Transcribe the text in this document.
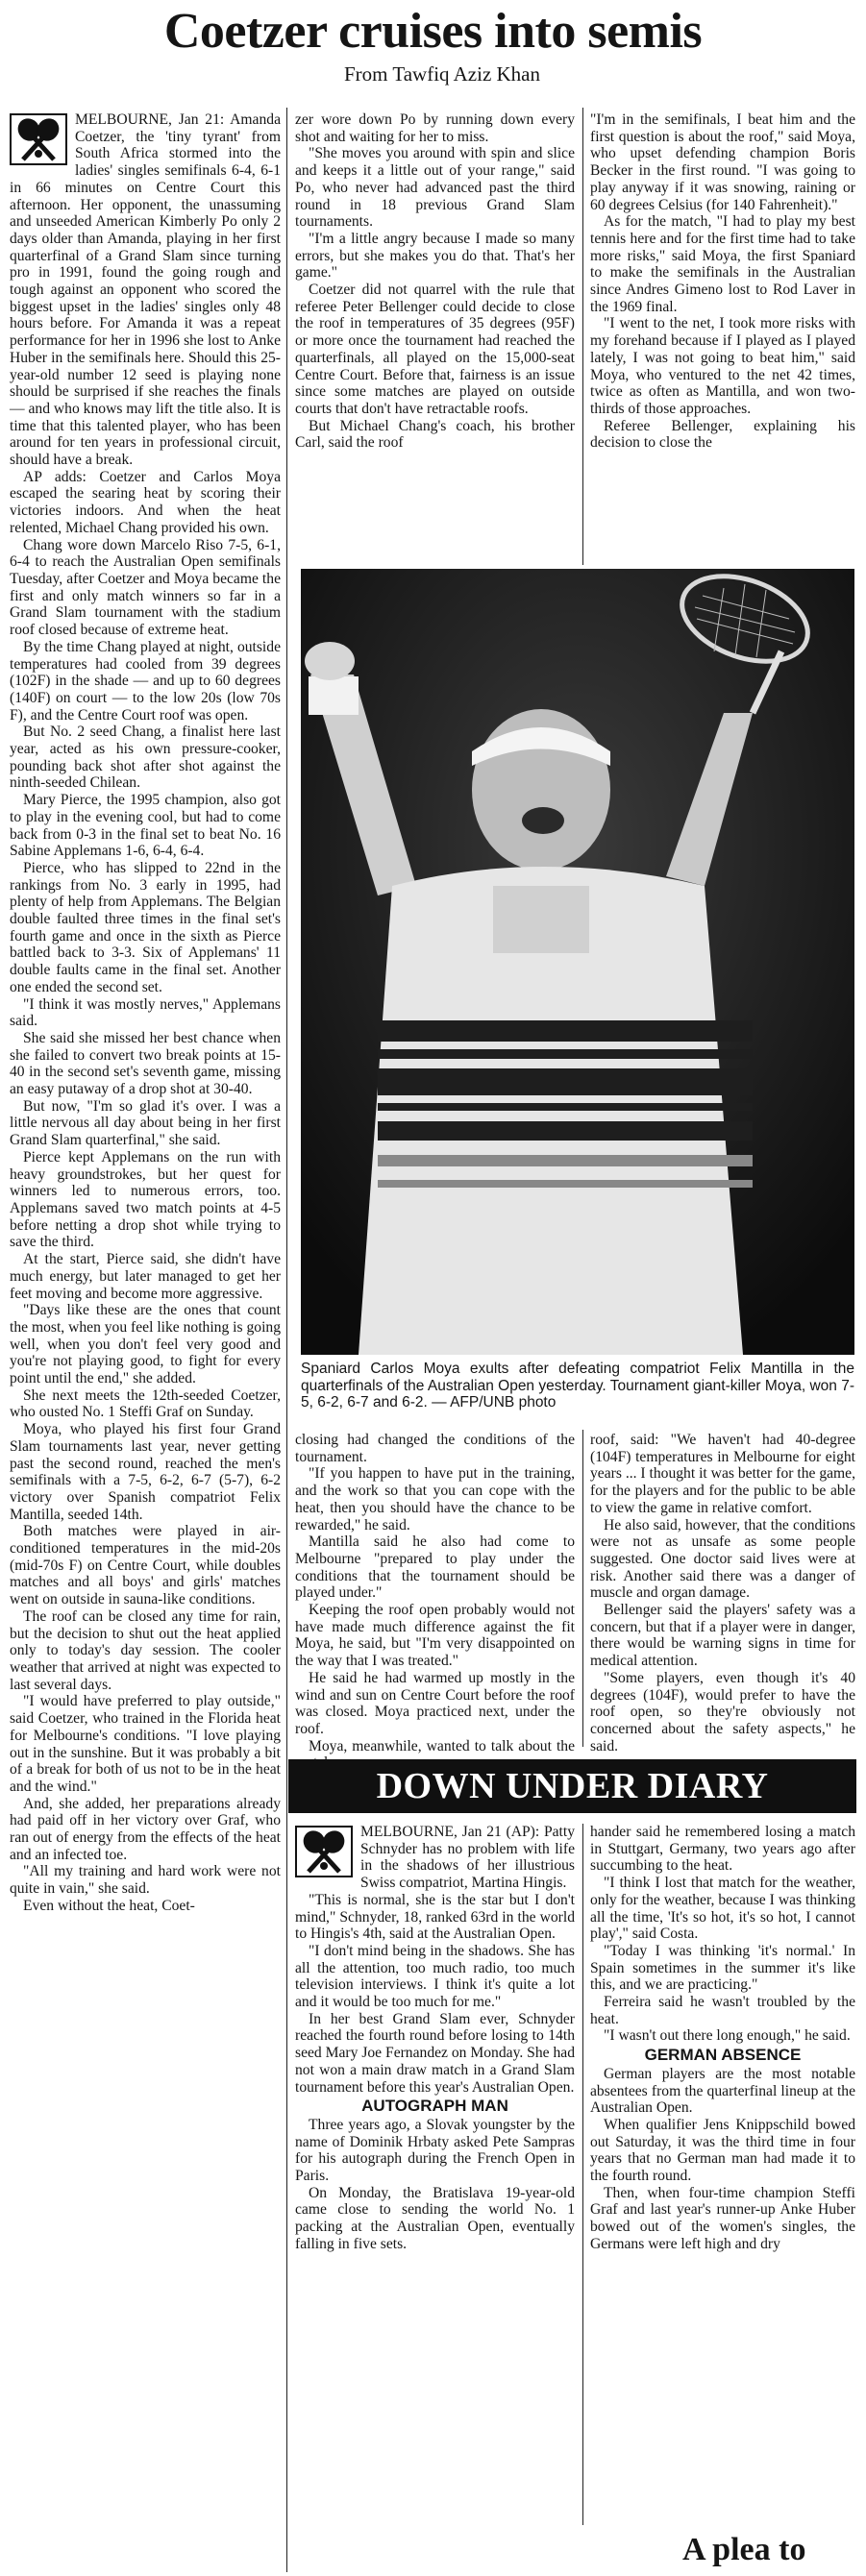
Coetzer cruises into semis
From Tawfiq Aziz Khan

MELBOURNE, Jan 21: Amanda Coetzer, the 'tiny tyrant' from South Africa stormed into the ladies' singles semifinals 6-4, 6-1 in 66 minutes on Centre Court this afternoon. Her opponent, the unassuming and unseeded American Kimberly Po only 2 days older than Amanda, playing in her first quarterfinal of a Grand Slam since turning pro in 1991, found the going rough and tough against an opponent who scored the biggest upset in the ladies' singles only 48 hours before. For Amanda it was a repeat performance for her in 1996 she lost to Anke Huber in the semifinals here. Should this 25-year-old number 12 seed is playing none should be surprised if she reaches the finals — and who knows may lift the title also. It is time that this talented player, who has been around for ten years in professional circuit, should have a break.

AP adds: Coetzer and Carlos Moya escaped the searing heat by scoring their victories indoors. And when the heat relented, Michael Chang provided his own.

Chang wore down Marcelo Riso 7-5, 6-1, 6-4 to reach the Australian Open semifinals Tuesday, after Coetzer and Moya became the first and only match winners so far in a Grand Slam tournament with the stadium roof closed because of extreme heat.

By the time Chang played at night, outside temperatures had cooled from 39 degrees (102F) in the shade — and up to 60 degrees (140F) on court — to the low 20s (low 70s F), and the Centre Court roof was open.

But No. 2 seed Chang, a finalist here last year, acted as his own pressure-cooker, pounding back shot after shot against the ninth-seeded Chilean.

Mary Pierce, the 1995 champion, also got to play in the evening cool, but had to come back from 0-3 in the final set to beat No. 16 Sabine Applemans 1-6, 6-4, 6-4.

Pierce, who has slipped to 22nd in the rankings from No. 3 early in 1995, had plenty of help from Applemans. The Belgian double faulted three times in the final set's fourth game and once in the sixth as Pierce battled back to 3-3. Six of Applemans' 11 double faults came in the final set. Another one ended the second set.

"I think it was mostly nerves," Applemans said.

She said she missed her best chance when she failed to convert two break points at 15-40 in the second set's seventh game, missing an easy putaway of a drop shot at 30-40.

But now, "I'm so glad it's over. I was a little nervous all day about being in her first Grand Slam quarterfinal," she said.

Pierce kept Applemans on the run with heavy groundstrokes, but her quest for winners led to numerous errors, too. Applemans saved two match points at 4-5 before netting a drop shot while trying to save the third.

At the start, Pierce said, she didn't have much energy, but later managed to get her feet moving and become more aggressive.

"Days like these are the ones that count the most, when you feel like nothing is going well, when you don't feel very good and you're not playing good, to fight for every point until the end," she added.

She next meets the 12th-seeded Coetzer, who ousted No. 1 Steffi Graf on Sunday.

Moya, who played his first four Grand Slam tournaments last year, never getting past the second round, reached the men's semifinals with a 7-5, 6-2, 6-7 (5-7), 6-2 victory over Spanish compatriot Felix Mantilla, seeded 14th.

Both matches were played in air-conditioned temperatures in the mid-20s (mid-70s F) on Centre Court, while doubles matches and all boys' and girls' matches went on outside in sauna-like conditions.

The roof can be closed any time for rain, but the decision to shut out the heat applied only to today's day session. The cooler weather that arrived at night was expected to last several days.

"I would have preferred to play outside," said Coetzer, who trained in the Florida heat for Melbourne's conditions. "I love playing out in the sunshine. But it was probably a bit of a break for both of us not to be in the heat and the wind."

And, she added, her preparations already had paid off in her victory over Graf, who ran out of energy from the effects of the heat and an infected toe.

"All my training and hard work were not quite in vain," she said.

Even without the heat, Coet-

zer wore down Po by running down every shot and waiting for her to miss.

"She moves you around with spin and slice and keeps it a little out of your range," said Po, who never had advanced past the third round in 18 previous Grand Slam tournaments.

"I'm a little angry because I made so many errors, but she makes you do that. That's her game."

Coetzer did not quarrel with the rule that referee Peter Bellenger could decide to close the roof in temperatures of 35 degrees (95F) or more once the tournament had reached the quarterfinals, all played on the 15,000-seat Centre Court. Before that, fairness is an issue since some matches are played on outside courts that don't have retractable roofs.

But Michael Chang's coach, his brother Carl, said the roof

"I'm in the semifinals, I beat him and the first question is about the roof," said Moya, who upset defending champion Boris Becker in the first round. "I was going to play anyway if it was snowing, raining or 60 degrees Celsius (for 140 Fahrenheit)."

As for the match, "I had to play my best tennis here and for the first time had to take more risks," said Moya, the first Spaniard to make the semifinals in the Australian since Andres Gimeno lost to Rod Laver in the 1969 final.

"I went to the net, I took more risks with my forehand because if I played as I played lately, I was not going to beat him," said Moya, who ventured to the net 42 times, twice as often as Mantilla, and won two-thirds of those approaches.

Referee Bellenger, explaining his decision to close the

Spaniard Carlos Moya exults after defeating compatriot Felix Mantilla in the quarterfinals of the Australian Open yesterday. Tournament giant-killer Moya, won 7-5, 6-2, 6-7 and 6-2. — AFP/UNB photo

closing had changed the conditions of the tournament.

"If you happen to have put in the training, and the work so that you can cope with the heat, then you should have the chance to be rewarded," he said.

Mantilla said he also had come to Melbourne "prepared to play under the conditions that the tournament should be played under."

Keeping the roof open probably would not have made much difference against the fit Moya, he said, but "I'm very disappointed on the way that I was treated."

He said he had warmed up mostly in the wind and sun on Centre Court before the roof was closed. Moya practiced next, under the roof.

Moya, meanwhile, wanted to talk about the

roof, said: "We haven't had 40-degree (104F) temperatures in Melbourne for eight years ... I thought it was better for the game, for the players and for the public to be able to view the game in relative comfort.

He also said, however, that the conditions were not as unsafe as some people suggested. One doctor said lives were at risk. Another said there was a danger of muscle and organ damage.

Bellenger said the players' safety was a concern, but that if a player were in danger, there would be warning signs in time for medical attention.

"Some players, even though it's 40 degrees (104F), would prefer to have the roof open, so they're obviously not concerned about the safety aspects," he said.

DOWN UNDER DIARY

MELBOURNE, Jan 21 (AP): Patty Schnyder has no problem with life in the shadows of her illustrious Swiss compatriot, Martina Hingis.

"This is normal, she is the star but I don't mind," Schnyder, 18, ranked 63rd in the world to Hingis's 4th, said at the Australian Open.

"I don't mind being in the shadows. She has all the attention, too much radio, too much television interviews. I think it's quite a lot and it would be too much for me."

In her best Grand Slam ever, Schnyder reached the fourth round before losing to 14th seed Mary Joe Fernandez on Monday. She had not won a main draw match in a Grand Slam tournament before this year's Australian Open.

AUTOGRAPH MAN

Three years ago, a Slovak youngster by the name of Dominik Hrbaty asked Pete Sampras for his autograph during the French Open in Paris.

On Monday, the Bratislava 19-year-old came close to sending the world No. 1 packing at the Australian Open, eventually falling in five sets.

hander said he remembered losing a match in Stuttgart, Germany, two years ago after succumbing to the heat.

"I think I lost that match for the weather, only for the weather, because I was thinking all the time, 'It's so hot, it's so hot, I cannot play'," said Costa.

"Today I was thinking 'it's normal.' In Spain sometimes in the summer it's like this, and we are practicing."

Ferreira said he wasn't troubled by the heat.

"I wasn't out there long enough," he said.

GERMAN ABSENCE

German players are the most notable absentees from the quarterfinal lineup at the Australian Open.

When qualifier Jens Knippschild bowed out Saturday, it was the third time in four years that no German man had made it to the fourth round.

Then, when four-time champion Steffi Graf and last year's runner-up Anke Huber bowed out of the women's singles, the Germans were left high and dry

A plea to
